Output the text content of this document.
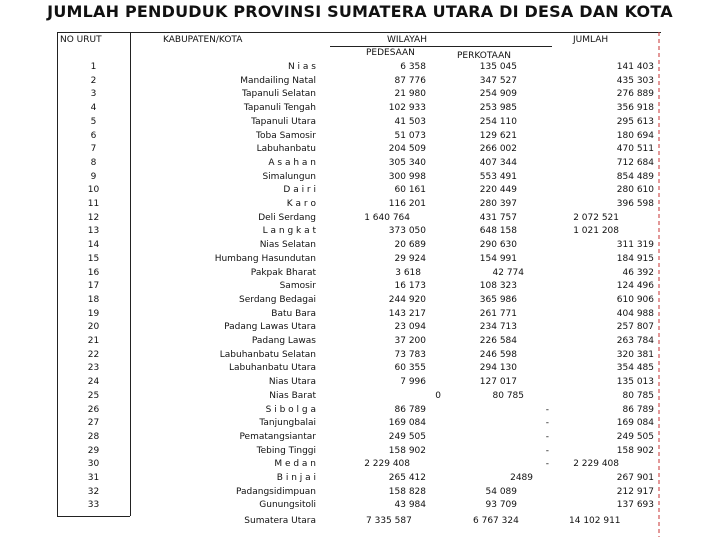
JUMLAH PENDUDUK PROVINSI SUMATERA UTARA DI DESA DAN KOTA
NO URUT	KABUPATEN/KOTA	WILAYAH	JUMLAH
PEDESAAN	PERKOTAAN
1	N i a s	6 358	135 045	141 403
2	Mandailing Natal	87 776	347 527	435 303
3	Tapanuli Selatan	21 980	254 909	276 889
4	Tapanuli Tengah	102 933	253 985	356 918
5	Tapanuli Utara	41 503	254 110	295 613
6	Toba Samosir	51 073	129 621	180 694
7	Labuhanbatu	204 509	266 002	470 511
8	A s a h a n	305 340	407 344	712 684
9	Simalungun	300 998	553 491	854 489
10	D a i r i	60 161	220 449	280 610
11	K a r o	116 201	280 397	396 598
12	Deli Serdang	1 640 764	431 757	2 072 521
13	L a n g k a t	373 050	648 158	1 021 208
14	Nias Selatan	20 689	290 630	311 319
15	Humbang Hasundutan	29 924	154 991	184 915
16	Pakpak Bharat	3 618	42 774	46 392
17	Samosir	16 173	108 323	124 496
18	Serdang Bedagai	244 920	365 986	610 906
19	Batu Bara	143 217	261 771	404 988
20	Padang Lawas Utara	23 094	234 713	257 807
21	Padang Lawas	37 200	226 584	263 784
22	Labuhanbatu Selatan	73 783	246 598	320 381
23	Labuhanbatu Utara	60 355	294 130	354 485
24	Nias Utara	7 996	127 017	135 013
25	Nias Barat	0	80 785	80 785
26	S i b o l g a	86 789	-	86 789
27	Tanjungbalai	169 084	-	169 084
28	Pematangsiantar	249 505	-	249 505
29	Tebing Tinggi	158 902	-	158 902
30	M e d a n	2 229 408	-	2 229 408
31	B i n j a i	265 412	2489	267 901
32	Padangsidimpuan	158 828	54 089	212 917
33	Gunungsitoli	43 984	93 709	137 693
Sumatera Utara	7 335 587	6 767 324	14 102 911
